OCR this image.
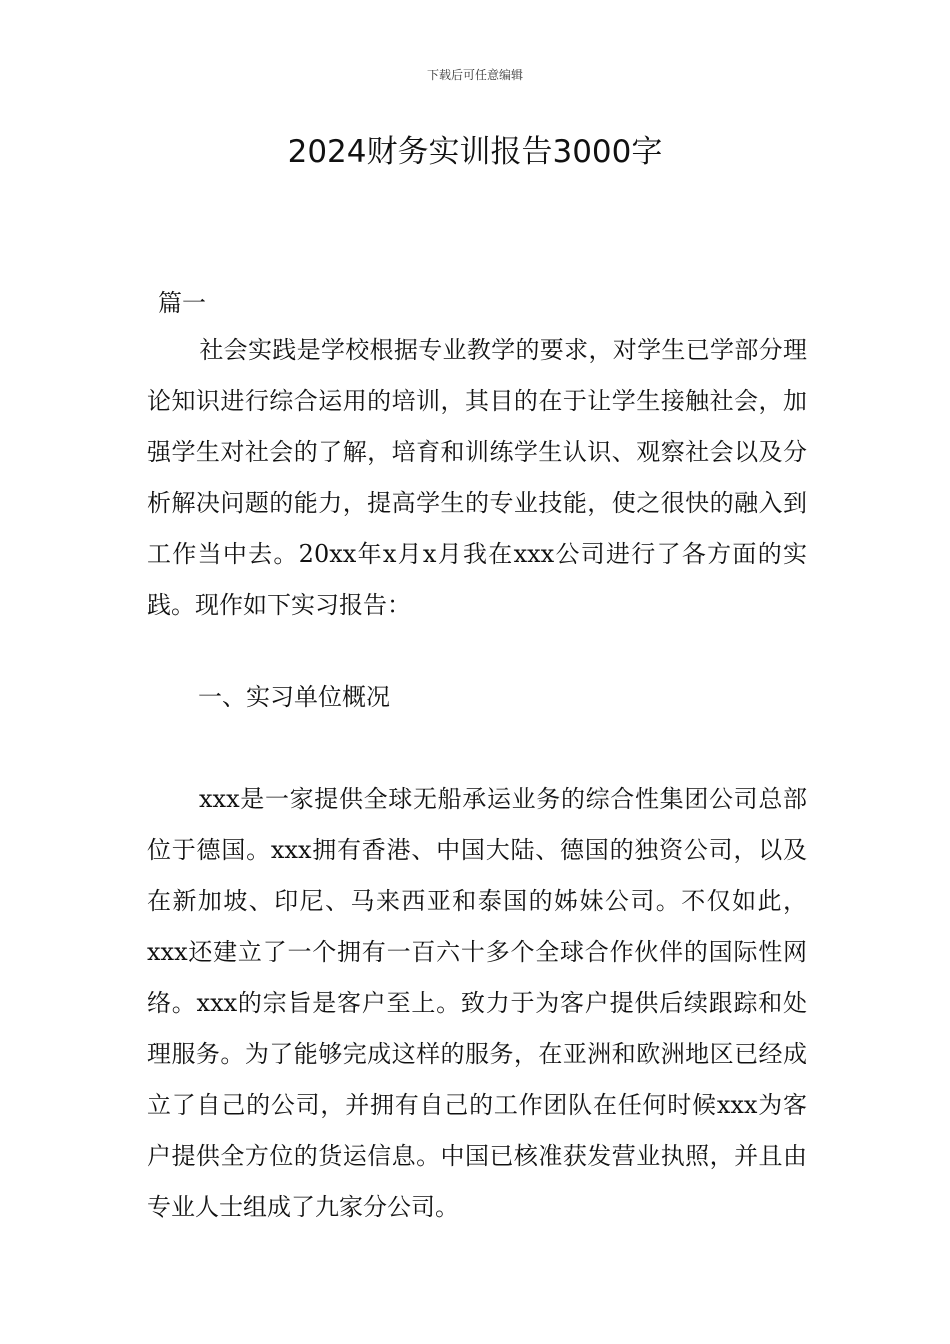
下载后可任意编辑
2024财务实训报告3000字
篇一

社会实践是学校根据专业教学的要求，对学生已学部分理论知识进行综合运用的培训，其目的在于让学生接触社会，加强学生对社会的了解，培育和训练学生认识、观察社会以及分析解决问题的能力，提高学生的专业技能，使之很快的融入到工作当中去。20xx年x月x月我在xxx公司进行了各方面的实践。现作如下实习报告：

一、实习单位概况

xxx是一家提供全球无船承运业务的综合性集团公司总部位于德国。xxx拥有香港、中国大陆、德国的独资公司，以及在新加坡、印尼、马来西亚和泰国的姊妹公司。不仅如此，xxx还建立了一个拥有一百六十多个全球合作伙伴的国际性网络。xxx的宗旨是客户至上。致力于为客户提供后续跟踪和处理服务。为了能够完成这样的服务，在亚洲和欧洲地区已经成立了自己的公司，并拥有自己的工作团队在任何时候xxx为客户提供全方位的货运信息。中国已核准获发营业执照，并且由专业人士组成了九家分公司。
